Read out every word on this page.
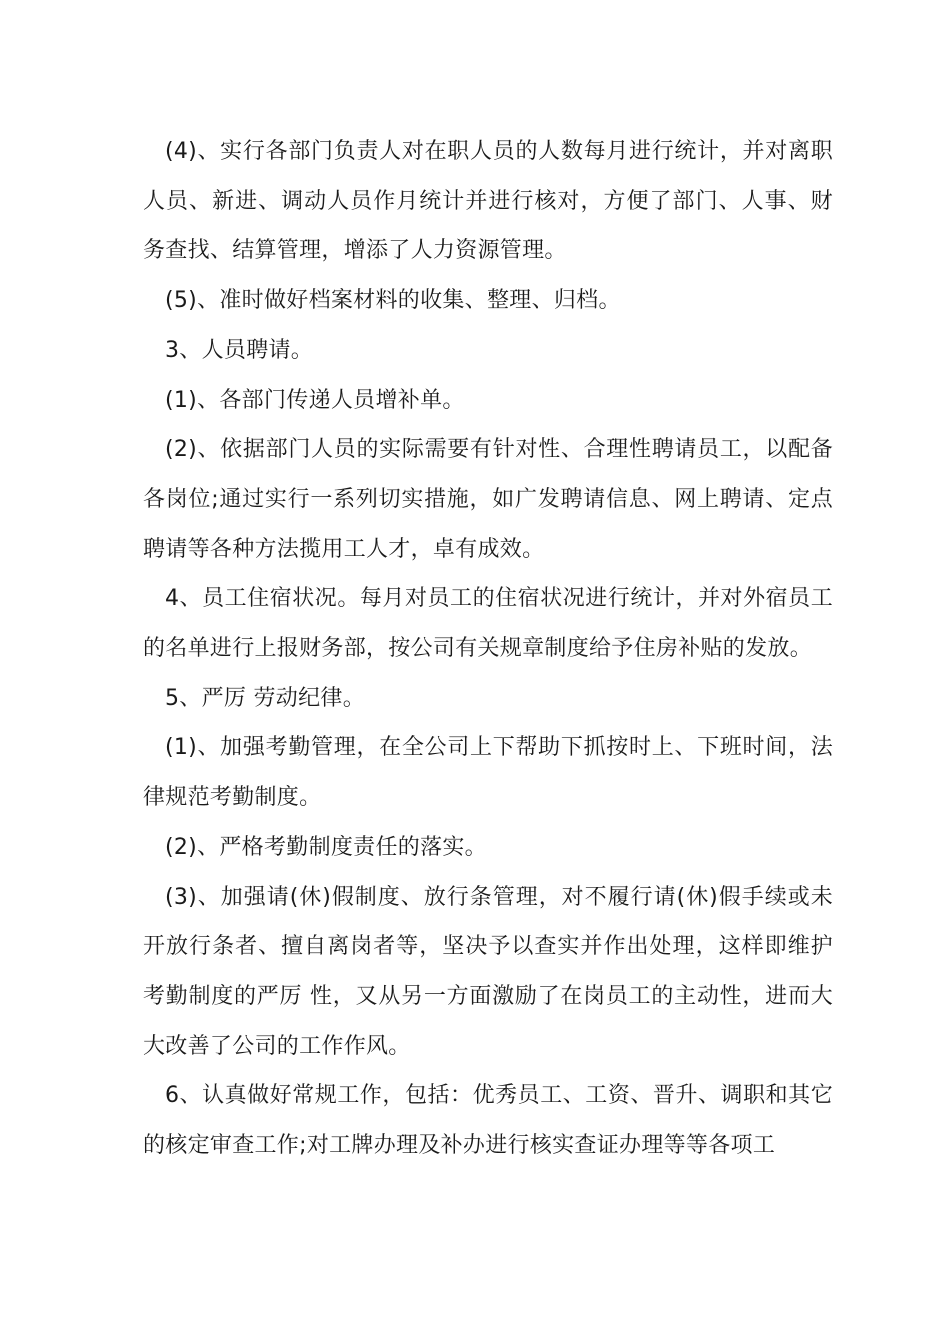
(4)、实行各部门负责人对在职人员的人数每月进行统计，并对离职人员、新进、调动人员作月统计并进行核对，方便了部门、人事、财务查找、结算管理，增添了人力资源管理。

(5)、准时做好档案材料的收集、整理、归档。

3、人员聘请。

(1)、各部门传递人员增补单。

(2)、依据部门人员的实际需要有针对性、合理性聘请员工，以配备各岗位;通过实行一系列切实措施，如广发聘请信息、网上聘请、定点聘请等各种方法揽用工人才，卓有成效。

4、员工住宿状况。每月对员工的住宿状况进行统计，并对外宿员工的名单进行上报财务部，按公司有关规章制度给予住房补贴的发放。

5、严厉 劳动纪律。

(1)、加强考勤管理，在全公司上下帮助下抓按时上、下班时间，法律规范考勤制度。

(2)、严格考勤制度责任的落实。

(3)、加强请(休)假制度、放行条管理，对不履行请(休)假手续或未开放行条者、擅自离岗者等，坚决予以查实并作出处理，这样即维护考勤制度的严厉 性，又从另一方面激励了在岗员工的主动性，进而大大改善了公司的工作作风。

6、认真做好常规工作，包括：优秀员工、工资、晋升、调职和其它的核定审查工作;对工牌办理及补办进行核实查证办理等等各项工
